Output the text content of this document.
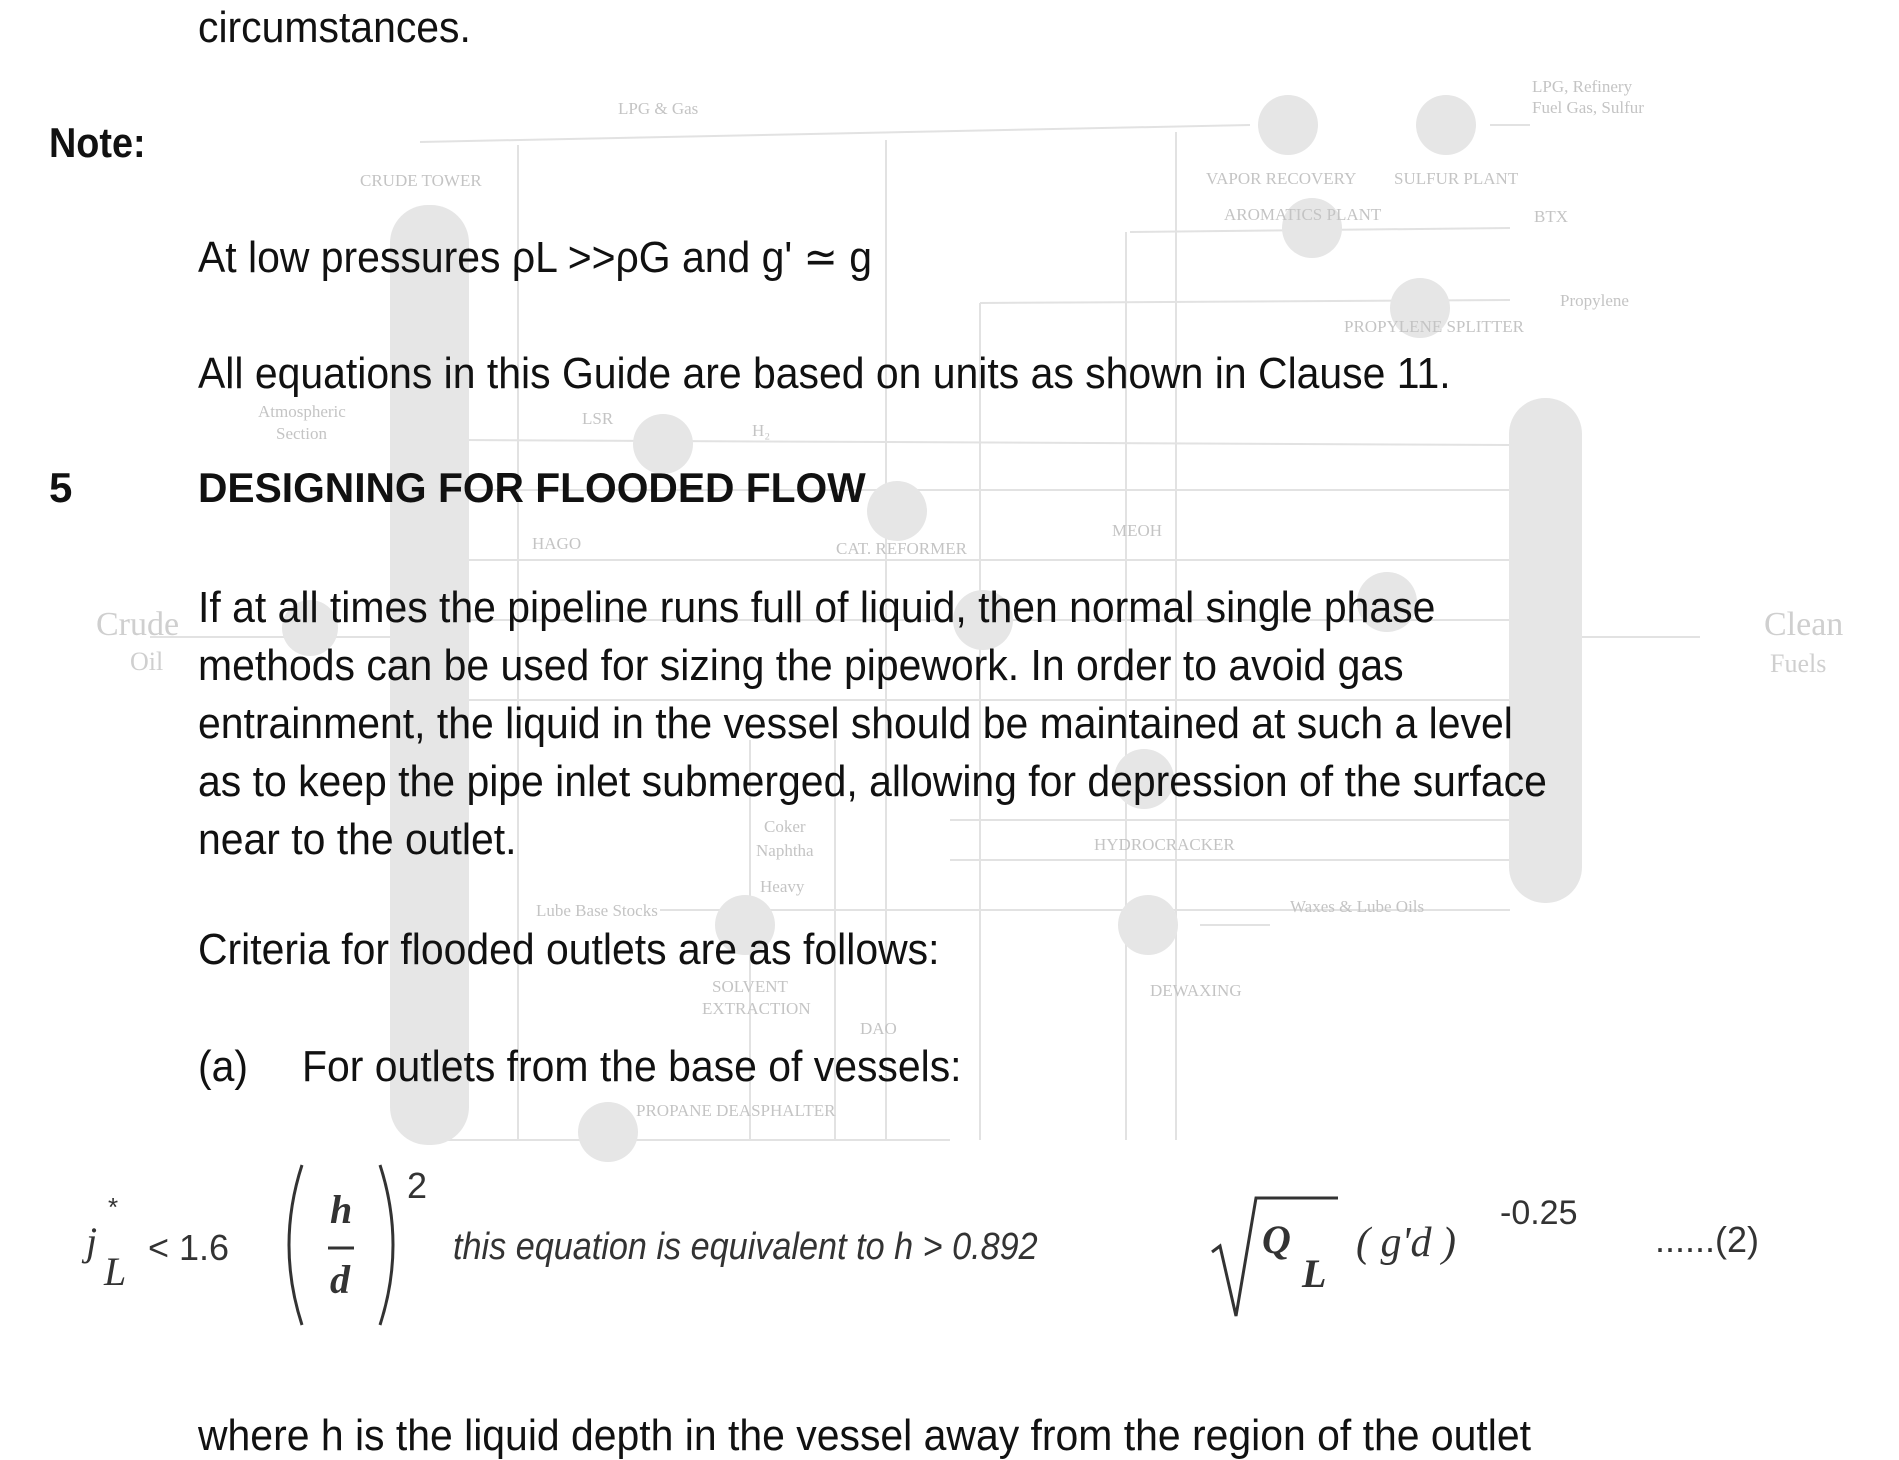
LPG & Gas
CRUDE TOWER	VAPOR RECOVERY SULFUR PLANT
LPG, Refinery
Fuel Gas, Sulfur
BTX
AROMATICS PLANT
Propylene
PROPYLENE SPLITTER
Atmospheric
Section
LSR
H₂
HAGO	CAT. REFORMER
MEOH
Crude
Oil
Clean
Fuels
Heavy
Coker
Naphtha	HYDROCRACKER
Lube Base Stocks	Waxes & Lube Oils
SOLVENT
EXTRACTION
DEWAXING
DAO
PROPANE DEASPHALTER
circumstances.
Note:
At low pressures ρL >>ρG and g' ≃ g
All equations in this Guide are based on units as shown in Clause 11.
5	DESIGNING FOR FLOODED FLOW
If at all times the pipeline runs full of liquid, then normal single phase
methods can be used for sizing the pipework. In order to avoid gas
entrainment, the liquid in the vessel should be maintained at such a level
as to keep the pipe inlet submerged, allowing for depression of the surface
near to the outlet.
Criteria for flooded outlets are as follows:
(a) For outlets from the base of vessels:
*
j
L
< 1.6
h
d
2
this equation is equivalent to h > 0.892	Q
L
( g'd )
-0.25
......(2)
where h is the liquid depth in the vessel away from the region of the outlet
